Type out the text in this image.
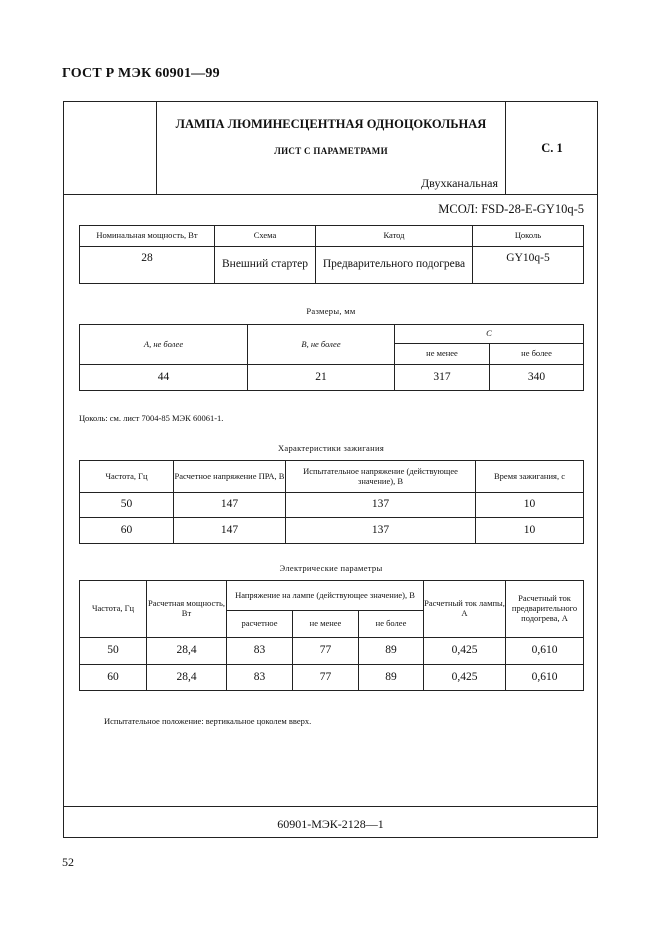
ГОСТ Р МЭК 60901—99
ЛАМПА ЛЮМИНЕСЦЕНТНАЯ ОДНОЦОКОЛЬНАЯ
ЛИСТ С ПАРАМЕТРАМИ	С. 1
Двухканальная
МСОЛ: FSD-28-E-GY10q-5
Номинальная мощность, Вт	Схема	Катод	Цоколь
28	Внешний стартер	Предварительного подогрева	GY10q-5
Размеры, мм
A, не более	B, не более	C	
		не менее	не более
44	21	317	340
Цоколь: см. лист 7004-85 МЭК 60061-1.
Характеристики зажигания
Частота, Гц	Расчетное напряжение ПРА, В	Испытательное напряжение (действующее значение), В	Время зажигания, с
50	147	137	10
60	147	137	10
Электрические параметры
Частота, Гц	Расчетная мощность, Вт	Напряжение на лампе (действующее значение), В			Расчетный ток лампы, А	Расчетный ток предварительного подогрева, А
		расчетное	не менее	не более		
50	28,4	83	77	89	0,425	0,610
60	28,4	83	77	89	0,425	0,610
Испытательное положение: вертикальное цоколем вверх.
60901-МЭК-2128—1
52
